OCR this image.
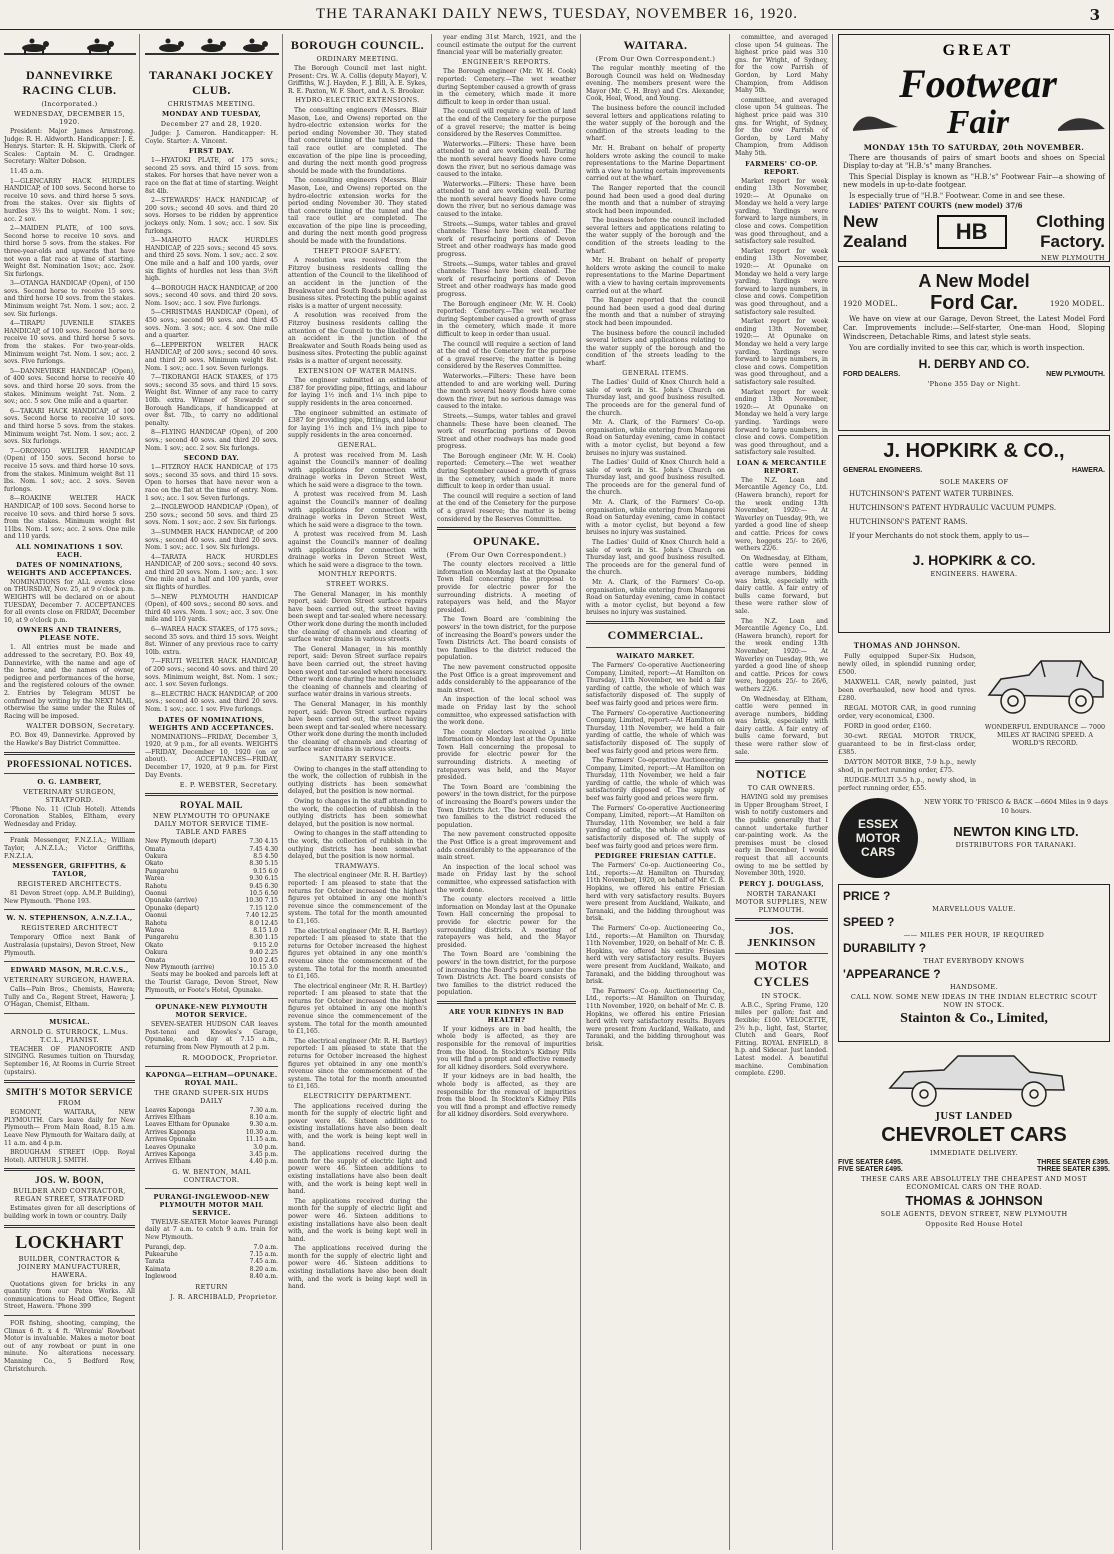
THE TARANAKI DAILY NEWS, TUESDAY, NOVEMBER 16, 1920.	3
DANNEVIRKE RACING CLUB.
(Incorporated.)
WEDNESDAY, DECEMBER 15, 1920.

President: Major James Armstrong. Judge: R. H. Aldworth. Handicapper: J. E. Henrys. Starter: R. H. Skipwith. Clerk of Scales: Captain M. C. Gradnger. Secretary: Walter Dobson.

11.45 a.m.

1—GLENCARRY HACK HURDLES HANDICAP, of 100 sovs. Second horse to receive 10 sovs. and third horse 5 sovs. from the stakes. Over six flights of hurdles 3½ lbs to weight. Nom. 1 sov.; acc. 2 sov.

2—MAIDEN PLATE, of 100 sovs. Second horse to receive 10 sovs. and third horse 5 sovs. from the stakes. For three-year-olds and upwards that have not won a flat race at time of starting. Weight 8st. Nomination 1sov.; acc. 2sov. Six furlongs.

3—OTANGA HANDICAP (Open), of 150 sovs. Second horse to receive 15 sovs. and third horse 10 sovs. from the stakes. Minimum weight 7st. Nom. 1 sov.; acc. 2 sov. Six furlongs.

4—TIRAPU JUVENILE STAKES HANDICAP, of 100 sovs. Second horse to receive 10 sovs. and third horse 5 sovs. from the stakes. For two-year-olds. Minimum weight 7st. Nom. 1 sov.; acc. 2 sovs. Five furlongs.

5—DANNEVIRKE HANDICAP (Open), of 400 sovs. Second horse to receive 40 sovs. and third horse 20 sovs. from the stakes. Minimum weight 7st. Nom. 2 sov.; acc. 5 sov. One mile and a quarter.

6—TAKARI HACK HANDICAP, of 100 sovs. Second horse to receive 10 sovs. and third horse 5 sovs. from the stakes. Minimum weight 7st. Nom. 1 sov.; acc. 2 sovs. Six furlongs.

7—ORONGO WELTER HANDICAP (Open) of 150 sovs. Second horse to receive 15 sovs. and third horse 10 sovs. from the stakes. Minimum weight 8st 11 lbs. Nom. 1 sov.; acc. 2 sovs. Seven furlongs.

8—ROAKINE WELTER HACK HANDICAP, of 100 sovs. Second horse to receive 10 sovs. and third horse 5 sovs. from the stakes. Minimum weight 8st 11lbs. Nom. 1 sov.; acc. 2 sovs. One mile and 110 yards.

ALL NOMINATIONS 1 SOV. EACH.
DATES OF NOMINATIONS, WEIGHTS AND ACCEPTANCES.

NOMINATIONS for ALL events close on THURSDAY, Nov. 25, at 9 o'clock p.m. WEIGHTS will be declared on or about TUESDAY, December 7. ACCEPTANCES for all events close on FRIDAY, December 10, at 9 o'clock p.m.

OWNERS AND TRAINERS, PLEASE NOTE.

1. All entries must be made and addressed to the secretary, P.O. Box 49, Dannevirke, with the name and age of the horse, and the names of owner, pedigree and performances of the horse, and the registered colours of the owner. 2. Entries by Telegram MUST be confirmed by writing by the NEXT MAIL, otherwise the same under the Rules of Racing will be imposed.

WALTER DOBSON, Secretary.

P.O. Box 49, Dannevirke. Approved by the Hawke's Bay District Committee.

PROFESSIONAL NOTICES.
O. G. LAMBERT,
VETERINARY SURGEON, STRATFORD.

'Phone No. 11 (Club Hotel). Attends Coronation Stables, Eltham, every Wednesday and Friday.

Frank Messenger, F.N.Z.I.A.; William Taylor, A.N.Z.I.A.; Victor Griffiths, F.N.Z.I.A.

MESSENGER, GRIFFITHS, & TAYLOR,
REGISTERED ARCHITECTS.

81 Devon Street (opp. A.M.P. Building), New Plymouth. 'Phone 193.

W. N. STEPHENSON, A.N.Z.I.A.,
REGISTERED ARCHITECT

Temporary Office next Bank of Australasia (upstairs), Devon Street, New Plymouth.

EDWARD MASON, M.R.C.V.S.,
VETERINARY SURGEON, HAWERA.

Calls—Pain Bros., Chemists, Hawera; Tully and Co., Regent Street, Hawera; J. O'Hagan, Chemist, Eltham.

MUSICAL.
ARNOLD G. STURROCK, L.Mus. T.C.L., PIANIST.

TEACHER OF PIANOFORTE AND SINGING. Resumes tuition on Thursday, September 16, At Rooms in Currie Street (upstairs).

SMITH'S MOTOR SERVICE
FROM

EGMONT, WAITARA, NEW PLYMOUTH. Cars leave daily for New Plymouth— From Main Road, 8.15 a.m. Leave New Plymouth for Waitara daily, at 11 a.m. and 4 p.m.

BROUGHAM STREET (Opp. Royal Hotel). ARTHUR J. SMITH.

JOS. W. BOON,
BUILDER AND CONTRACTOR, REGAN STREET, STRATFORD

Estimates given for all descriptions of building work in town or country. Daily

LOCKHART
BUILDER, CONTRACTOR & JOINERY MANUFACTURER, HAWERA.

Quotations given for bricks in any quantity from our Patea Works. All communications to Head Office, Regent Street, Hawera. 'Phone 399

FOR fishing, shooting, camping, the Climax 6 ft. x 4 ft. 'Wiremia' Rowboat Motor is invaluable. Makes a motor boat out of any rowboat or punt in one minute. No alterations necessary. Manning Co., 5 Bedford Row, Christchurch.

TARANAKI JOCKEY CLUB.
CHRISTMAS MEETING.
MONDAY AND TUESDAY,
December 27 and 28, 1920.

Judge: J. Cameron. Handicapper: H. Coyle. Starter: A. Vincent.

FIRST DAY.

1—HYATOKI PLATE, of 175 sovs.; second 25 sovs. and third 15 sovs. from stakes. For horses that have never won a race on the flat at time of starting. Weight 8st 4lb.

2—STEWARDS' HACK HANDICAP, of 200 sovs.; second 40 sovs. and third 20 sovs. Horses to be ridden by apprentice jockeys only. Nom. 1 sov.; acc. 1 sov. Six furlongs.

3—MAHOTO HACK HURDLES HANDICAP, of 225 sovs.; second 45 sovs. and third 25 sovs. Nom. 1 sov.; acc. 2 sov. One mile and a half and 100 yards, over six flights of hurdles not less than 3½ft high.

4—BOROUGH HACK HANDICAP, of 200 sovs.; second 40 sovs. and third 20 sovs. Nom. 1sov.; acc. 1 sov. Five furlongs.

5—CHRISTMAS HANDICAP (Open), of 450 sovs.; second 90 sovs. and third 45 sovs. Nom. 3 sov.; acc. 4 sov. One mile and a quarter.

6—LEPPERTON WELTER HACK HANDICAP, of 200 sovs.; second 40 sovs. and third 20 sovs. Minimum weight 8st. Nom. 1 sov.; acc. 1 sov. Seven furlongs.

7—TIKORANGI HACK STAKES, of 175 sovs.; second 35 sovs. and third 15 sovs. Weight 8st. Winner of any race to carry 10lb. extra. Winner of Stewards' or Borough Handicaps, if handicapped at over 8st. 7lb., to carry no additional penalty.

8—FLYING HANDICAP (Open), of 200 sovs.; second 40 sovs. and third 20 sovs. Nom. 1 sov.; acc. 2 sov. Six furlongs.

SECOND DAY.

1—FITZROY HACK HANDICAP, of 175 sovs.; second 35 sovs. and third 15 sovs. Open to horses that have never won a race on the flat at the time of entry. Nom. 1 sov.; acc. 1 sov. Seven furlongs.

2—INGLEWOOD HANDICAP (Open), of 250 sovs.; second 50 sovs. and third 25 sovs. Nom. 1 sov.; acc. 2 sov. Six furlongs.

3—SUMMER HACK HANDICAP, of 200 sovs.; second 40 sovs. and third 20 sovs. Nom. 1 sov.; acc. 1 sov. Six furlongs.

4—TARATA HACK HURDLES HANDICAP, of 200 sovs.; second 40 sovs. and third 20 sovs. Nom. 1 sov.; acc. 1 sov. One mile and a half and 100 yards, over six flights of hurdles.

5—NEW PLYMOUTH HANDICAP (Open), of 400 sovs.; second 80 sovs. and third 40 sovs. Nom. 1 sov.; acc. 3 sov. One mile and 110 yards.

6—WAREA HACK STAKES, of 175 sovs.; second 35 sovs. and third 15 sovs. Weight 8st. Winner of any previous race to carry 10lb. extra.

7—FRUTI WELTER HACK HANDICAP, of 200 sovs.; second 40 sovs. and third 20 sovs. Minimum weight, 8st. Nom. 1 sov.; acc. 1 sov. Seven furlongs.

8—ELECTRIC HACK HANDICAP, of 200 sovs.; second 40 sovs. and third 20 sovs. Nom. 1 sov.; acc. 1 sov. Five furlongs.

DATES OF NOMINATIONS, WEIGHTS AND ACCEPTANCES.

NOMINATIONS—FRIDAY, December 3, 1920, at 9 p.m., for all events. WEIGHTS—FRIDAY, December 10, 1920 (on or about). ACCEPTANCES—FRIDAY, December 17, 1920, at 9 p.m. for First Day Events.

E. P. WEBSTER, Secretary.
ROYAL MAIL
NEW PLYMOUTH TO OPUNAKE DAILY MOTOR SERVICE TIME-TABLE AND FARES
New Plymouth (depart)	7.30 4.15
Omata	7.45 4.30
Oakura	8.5 4.50
Okato	8.30 5.15
Pungarehu	9.15 6.0
Warea	9.30 6.15
Rahotu	9.45 6.30
Oaonui	10.5 6.50
Opunake (arrive)	10.30 7.15
Opunake (depart)	7.15 12.0
Oaonui	7.40 12.25
Rahotu	8.0 12.45
Warea	8.15 1.0
Pungarehu	8.30 1.15
Okato	9.15 2.0
Oakura	9.40 2.25
Omata	10.0 2.45
New Plymouth (arrive)	10.15 3.0

Seats may be booked and parcels left at the Tourist Garage, Devon Street, New Plymouth, or Foote's Hotel, Opunake.

OPUNAKE-NEW PLYMOUTH MOTOR SERVICE.

SEVEN-SEATER HUDSON CAR leaves Post-tenoi and Knowles's Garage, Opunake, each day at 7.15 a.m., returning from New Plymouth at 2 p.m.

R. MOODOCK, Proprietor.
KAPONGA—ELTHAM—OPUNAKE. ROYAL MAIL.
THE GRAND SUPER-SIX HUDS DAILY
Leaves Kaponga	7.30 a.m.
Arrives Eltham	8.10 a.m.
Leaves Eltham for Opunake	9.30 a.m.
Arrives Kaponga	10.30 a.m.
Arrives Opunake	11.15 a.m.
Leaves Opunake	3.0 p.m.
Arrives Kaponga	3.45 p.m.
Arrives Eltham	4.40 p.m.
G. W. BENTON, MAIL CONTRACTOR.
PURANGI-INGLEWOOD-NEW PLYMOUTH MOTOR MAIL SERVICE.

TWELVE-SEATER Motor leaves Purangi daily at 7 a.m. to catch 9 a.m. train for New Plymouth.

Purangi, dep.	7.0 a.m.
Pukearuhe	7.15 a.m.
Tarata	7.45 a.m.
Kaimata	8.20 a.m.
Inglewood	8.40 a.m.
RETURN
J. R. ARCHIBALD, Proprietor.
BOROUGH COUNCIL.
ORDINARY MEETING.

The Borough Council met last night. Present: Crs. W. A. Collis (deputy Mayor), V. Griffiths, W. J. Hayden, F. J. Bill, A. E. Sykes, R. E. Paxton, W. F. Short, and A. S. Brooker.

HYDRO-ELECTRIC EXTENSIONS.

The consulting engineers (Messrs. Blair Mason, Lee, and Owens) reported on the hydro-electric extension works for the period ending November 30. They stated that concrete lining of the tunnel and the tail race outlet are completed. The excavation of the pipe line is proceeding, and during the next month good progress should be made with the foundations.

The consulting engineers (Messrs. Blair Mason, Lee, and Owens) reported on the hydro-electric extension works for the period ending November 30. They stated that concrete lining of the tunnel and the tail race outlet are completed. The excavation of the pipe line is proceeding, and during the next month good progress should be made with the foundations.

THEFT PROOF SAFETY.

A resolution was received from the Fitzroy business residents calling the attention of the Council to the likelihood of an accident in the junction of the Breakwater and South Roads being used as business sites. Protecting the public against risks is a matter of urgent necessity.

A resolution was received from the Fitzroy business residents calling the attention of the Council to the likelihood of an accident in the junction of the Breakwater and South Roads being used as business sites. Protecting the public against risks is a matter of urgent necessity.

EXTENSION OF WATER MAINS.

The engineer submitted an estimate of £387 for providing pipe, fittings, and labour for laying 1½ inch and 1¼ inch pipe to supply residents in the area concerned.

The engineer submitted an estimate of £387 for providing pipe, fittings, and labour for laying 1½ inch and 1¼ inch pipe to supply residents in the area concerned.

GENERAL.

A protest was received from M. Lash against the Council's manner of dealing with applications for connection with drainage works in Devon Street West, which he said were a disgrace to the town.

A protest was received from M. Lash against the Council's manner of dealing with applications for connection with drainage works in Devon Street West, which he said were a disgrace to the town.

A protest was received from M. Lash against the Council's manner of dealing with applications for connection with drainage works in Devon Street West, which he said were a disgrace to the town.

MONTHLY REPORTS.
STREET WORKS.

The General Manager, in his monthly report, said: Devon Street surface repairs have been carried out, the street having been swept and tar-sealed where necessary. Other work done during the month included the cleaning of channels and clearing of surface water drains in various streets.

The General Manager, in his monthly report, said: Devon Street surface repairs have been carried out, the street having been swept and tar-sealed where necessary. Other work done during the month included the cleaning of channels and clearing of surface water drains in various streets.

The General Manager, in his monthly report, said: Devon Street surface repairs have been carried out, the street having been swept and tar-sealed where necessary. Other work done during the month included the cleaning of channels and clearing of surface water drains in various streets.

SANITARY SERVICE.

Owing to changes in the staff attending to the work, the collection of rubbish in the outlying districts has been somewhat delayed, but the position is now normal.

Owing to changes in the staff attending to the work, the collection of rubbish in the outlying districts has been somewhat delayed, but the position is now normal.

Owing to changes in the staff attending to the work, the collection of rubbish in the outlying districts has been somewhat delayed, but the position is now normal.

TRAMWAYS.

The electrical engineer (Mr. R. H. Bartley) reported: I am pleased to state that the returns for October increased the highest figures yet obtained in any one month's revenue since the commencement of the system. The total for the month amounted to £1,165.

The electrical engineer (Mr. R. H. Bartley) reported: I am pleased to state that the returns for October increased the highest figures yet obtained in any one month's revenue since the commencement of the system. The total for the month amounted to £1,165.

The electrical engineer (Mr. R. H. Bartley) reported: I am pleased to state that the returns for October increased the highest figures yet obtained in any one month's revenue since the commencement of the system. The total for the month amounted to £1,165.

The electrical engineer (Mr. R. H. Bartley) reported: I am pleased to state that the returns for October increased the highest figures yet obtained in any one month's revenue since the commencement of the system. The total for the month amounted to £1,165.

ELECTRICITY DEPARTMENT.

The applications received during the month for the supply of electric light and power were 46. Sixteen additions to existing installations have also been dealt with, and the work is being kept well in hand.

The applications received during the month for the supply of electric light and power were 46. Sixteen additions to existing installations have also been dealt with, and the work is being kept well in hand.

The applications received during the month for the supply of electric light and power were 46. Sixteen additions to existing installations have also been dealt with, and the work is being kept well in hand.

The applications received during the month for the supply of electric light and power were 46. Sixteen additions to existing installations have also been dealt with, and the work is being kept well in hand.

year ending 31st March, 1921, and the council estimate the output for the current financial year will be materially greater.

ENGINEER'S REPORTS.

The Borough engineer (Mr. W. H. Cook) reported: Cemetery.—The wet weather during September caused a growth of grass in the cemetery, which made it more difficult to keep in order than usual.

The council will require a section of land at the end of the Cemetery for the purpose of a gravel reserve; the matter is being considered by the Reserves Committee.

Waterworks.—Filters: These have been attended to and are working well. During the month several heavy floods have come down the river, but no serious damage was caused to the intake.

Waterworks.—Filters: These have been attended to and are working well. During the month several heavy floods have come down the river, but no serious damage was caused to the intake.

Streets.—Sumps, water tables and gravel channels: These have been cleaned. The work of resurfacing portions of Devon Street and other roadways has made good progress.

Streets.—Sumps, water tables and gravel channels: These have been cleaned. The work of resurfacing portions of Devon Street and other roadways has made good progress.

The Borough engineer (Mr. W. H. Cook) reported: Cemetery.—The wet weather during September caused a growth of grass in the cemetery, which made it more difficult to keep in order than usual.

The council will require a section of land at the end of the Cemetery for the purpose of a gravel reserve; the matter is being considered by the Reserves Committee.

Waterworks.—Filters: These have been attended to and are working well. During the month several heavy floods have come down the river, but no serious damage was caused to the intake.

Streets.—Sumps, water tables and gravel channels: These have been cleaned. The work of resurfacing portions of Devon Street and other roadways has made good progress.

The Borough engineer (Mr. W. H. Cook) reported: Cemetery.—The wet weather during September caused a growth of grass in the cemetery, which made it more difficult to keep in order than usual.

The council will require a section of land at the end of the Cemetery for the purpose of a gravel reserve; the matter is being considered by the Reserves Committee.

OPUNAKE.
(From Our Own Correspondent.)

The county electors received a little information on Monday last at the Opunake Town Hall concerning the proposal to provide for electric power for the surrounding districts. A meeting of ratepayers was held, and the Mayor presided.

The Town Board are 'combining the powers' in the town district, for the purpose of increasing the Board's powers under the Town Districts Act. The board consists of two families to the district reduced the population.

The new pavement constructed opposite the Post Office is a great improvement and adds considerably to the appearance of the main street.

An inspection of the local school was made on Friday last by the school committee, who expressed satisfaction with the work done.

The county electors received a little information on Monday last at the Opunake Town Hall concerning the proposal to provide for electric power for the surrounding districts. A meeting of ratepayers was held, and the Mayor presided.

The Town Board are 'combining the powers' in the town district, for the purpose of increasing the Board's powers under the Town Districts Act. The board consists of two families to the district reduced the population.

The new pavement constructed opposite the Post Office is a great improvement and adds considerably to the appearance of the main street.

An inspection of the local school was made on Friday last by the school committee, who expressed satisfaction with the work done.

The county electors received a little information on Monday last at the Opunake Town Hall concerning the proposal to provide for electric power for the surrounding districts. A meeting of ratepayers was held, and the Mayor presided.

The Town Board are 'combining the powers' in the town district, for the purpose of increasing the Board's powers under the Town Districts Act. The board consists of two families to the district reduced the population.

ARE YOUR KIDNEYS IN BAD HEALTH?

If your kidneys are in bad health, the whole body is affected, as they are responsible for the removal of impurities from the blood. In Stockton's Kidney Pills you will find a prompt and effective remedy for all kidney disorders. Sold everywhere.

If your kidneys are in bad health, the whole body is affected, as they are responsible for the removal of impurities from the blood. In Stockton's Kidney Pills you will find a prompt and effective remedy for all kidney disorders. Sold everywhere.

WAITARA.
(From Our Own Correspondent.)

The regular monthly meeting of the Borough Council was held on Wednesday evening. The members present were the Mayor (Mr. C. H. Bray) and Crs. Alexander, Cook, Heal, Wood, and Young.

The business before the council included several letters and applications relating to the water supply of the borough and the condition of the streets leading to the wharf.

Mr. H. Brabant on behalf of property holders wrote asking the council to make representations to the Marine Department with a view to having certain improvements carried out at the wharf.

The Ranger reported that the council pound had been used a good deal during the month and that a number of straying stock had been impounded.

The business before the council included several letters and applications relating to the water supply of the borough and the condition of the streets leading to the wharf.

Mr. H. Brabant on behalf of property holders wrote asking the council to make representations to the Marine Department with a view to having certain improvements carried out at the wharf.

The Ranger reported that the council pound had been used a good deal during the month and that a number of straying stock had been impounded.

The business before the council included several letters and applications relating to the water supply of the borough and the condition of the streets leading to the wharf.

GENERAL ITEMS.

The Ladies' Guild of Knox Church held a sale of work in St. John's Church on Thursday last, and good business resulted. The proceeds are for the general fund of the church.

Mr. A. Clark, of the Farmers' Co-op. organisation, while entering from Mangorei Road on Saturday evening, came in contact with a motor cyclist, but beyond a few bruises no injury was sustained.

The Ladies' Guild of Knox Church held a sale of work in St. John's Church on Thursday last, and good business resulted. The proceeds are for the general fund of the church.

Mr. A. Clark, of the Farmers' Co-op. organisation, while entering from Mangorei Road on Saturday evening, came in contact with a motor cyclist, but beyond a few bruises no injury was sustained.

The Ladies' Guild of Knox Church held a sale of work in St. John's Church on Thursday last, and good business resulted. The proceeds are for the general fund of the church.

Mr. A. Clark, of the Farmers' Co-op. organisation, while entering from Mangorei Road on Saturday evening, came in contact with a motor cyclist, but beyond a few bruises no injury was sustained.

COMMERCIAL.
WAIKATO MARKET.

The Farmers' Co-operative Auctioneering Company, Limited, report:—At Hamilton on Thursday, 11th November, we held a fair yarding of cattle, the whole of which was satisfactorily disposed of. The supply of beef was fairly good and prices were firm.

The Farmers' Co-operative Auctioneering Company, Limited, report:—At Hamilton on Thursday, 11th November, we held a fair yarding of cattle, the whole of which was satisfactorily disposed of. The supply of beef was fairly good and prices were firm.

The Farmers' Co-operative Auctioneering Company, Limited, report:—At Hamilton on Thursday, 11th November, we held a fair yarding of cattle, the whole of which was satisfactorily disposed of. The supply of beef was fairly good and prices were firm.

The Farmers' Co-operative Auctioneering Company, Limited, report:—At Hamilton on Thursday, 11th November, we held a fair yarding of cattle, the whole of which was satisfactorily disposed of. The supply of beef was fairly good and prices were firm.

PEDIGREE FRIESIAN CATTLE.

The Farmers' Co-op. Auctioneering Co., Ltd., reports:—At Hamilton on Thursday, 11th November, 1920, on behalf of Mr. C. B. Hopkins, we offered his entire Friesian herd with very satisfactory results. Buyers were present from Auckland, Waikato, and Taranaki, and the bidding throughout was brisk.

The Farmers' Co-op. Auctioneering Co., Ltd., reports:—At Hamilton on Thursday, 11th November, 1920, on behalf of Mr. C. B. Hopkins, we offered his entire Friesian herd with very satisfactory results. Buyers were present from Auckland, Waikato, and Taranaki, and the bidding throughout was brisk.

The Farmers' Co-op. Auctioneering Co., Ltd., reports:—At Hamilton on Thursday, 11th November, 1920, on behalf of Mr. C. B. Hopkins, we offered his entire Friesian herd with very satisfactory results. Buyers were present from Auckland, Waikato, and Taranaki, and the bidding throughout was brisk.

committee, and averaged close upon 54 guineas. The highest price paid was 310 gns. for Wright, of Sydney, for the cow Parrish of Gordon, by Lord Mahy Champion, from Addison Mahy 5th.

committee, and averaged close upon 54 guineas. The highest price paid was 310 gns. for Wright, of Sydney, for the cow Parrish of Gordon, by Lord Mahy Champion, from Addison Mahy 5th.

FARMERS' CO-OP. REPORT.

Market report for week ending 13th November, 1920:— At Opunake on Monday we held a very large yarding. Yardings were forward to large numbers, in close and cows. Competition was good throughout, and a satisfactory sale resulted.

Market report for week ending 13th November, 1920:— At Opunake on Monday we held a very large yarding. Yardings were forward to large numbers, in close and cows. Competition was good throughout, and a satisfactory sale resulted.

Market report for week ending 13th November, 1920:— At Opunake on Monday we held a very large yarding. Yardings were forward to large numbers, in close and cows. Competition was good throughout, and a satisfactory sale resulted.

Market report for week ending 13th November, 1920:— At Opunake on Monday we held a very large yarding. Yardings were forward to large numbers, in close and cows. Competition was good throughout, and a satisfactory sale resulted.

LOAN & MERCANTILE REPORT.

The N.Z. Loan and Mercantile Agency Co., Ltd. (Hawera branch), report for the week ending 13th November, 1920:— At Waverley on Tuesday, 9th, we yarded a good line of sheep and cattle. Prices for cows were, hoggets 25/- to 26/6, wethers 22/6.

On Wednesday, at Eltham, cattle were penned in average numbers, bidding was brisk, especially with dairy cattle. A fair entry of bulls came forward, but these were rather slow of sale.

The N.Z. Loan and Mercantile Agency Co., Ltd. (Hawera branch), report for the week ending 13th November, 1920:— At Waverley on Tuesday, 9th, we yarded a good line of sheep and cattle. Prices for cows were, hoggets 25/- to 26/6, wethers 22/6.

On Wednesday, at Eltham, cattle were penned in average numbers, bidding was brisk, especially with dairy cattle. A fair entry of bulls came forward, but these were rather slow of sale.

NOTICE
TO CAR OWNERS.

HAVING sold my premises in Upper Brougham Street, I wish to notify customers and the public generally that I cannot undertake further car-painting work. As the premises must be closed early in December, I would request that all accounts owing to me be settled by November 30th, 1920.

PERCY J. DOUGLASS,
NORTH TARANAKI MOTOR SUPPLIES, NEW PLYMOUTH.
JOS. JENKINSON
MOTOR CYCLES
IN STOCK.

A.B.C., Spring Frame, 120 miles per gallon; fast and flexible; £100. VELOCETTE, 2½ h.p., light, fast, Starter, Clutch and Gears, Roof Fitting. ROYAL ENFIELD, 8 h.p. and Sidecar. Just landed. Latest model. A beautiful machine. Combination complete. £290.

GREAT
Footwear
Fair
MONDAY 15th TO SATURDAY, 20th NOVEMBER.

There are thousands of pairs of smart boots and shoes on Special Display to-day at "H.B.'s" many Branches.

This Special Display is known as "H.B.'s" Footwear Fair—a showing of new models in up-to-date footgear.

Is especially true of "H.B." Footwear. Come in and see these.

LADIES' PATENT COURTS (new model) 37/6

New
Zealand	HB	Clothing
Factory.
NEW PLYMOUTH
A New Model
1920 MODEL. Ford Car.	1920 MODEL.

We have on view at our Garage, Devon Street, the Latest Model Ford Car. Improvements include:—Self-starter, One-man Hood, Sloping Windscreen, Detachable Rims, and latest style seats.

You are cordially invited to see this car, which is worth inspection.

H. DERBY AND CO.
FORD DEALERS.	NEW PLYMOUTH.
'Phone 355 Day or Night.
J. HOPKIRK & CO.,
GENERAL ENGINEERS.	HAWERA.
SOLE MAKERS OF

HUTCHINSON'S PATENT WATER TURBINES.

HUTCHINSON'S PATENT HYDRAULIC VACUUM PUMPS.

HUTCHINSON'S PATENT RAMS.

If your Merchants do not stock them, apply to us—

J. HOPKIRK & CO.
ENGINEERS. HAWERA.
THOMAS AND JOHNSON.

Fully equipped Super-Six Hudson, newly oiled, in splendid running order, £500.

MAXWELL CAR, newly painted, just been overhauled, new hood and tyres. £280.

REGAL MOTOR CAR, in good running order, very economical, £300.

FORD in good order, £160.

30-cwt. REGAL MOTOR TRUCK, guaranteed to be in first-class order, £385.

DAYTON MOTOR BIKE, 7-9 h.p., newly shod, in perfect running order, £75.

RUDGE-MULTI 3-5 h.p., newly shod, in perfect running order, £55.

WONDERFUL ENDURANCE — 7000 MILES AT RACING SPEED. A WORLD'S RECORD.

ESSEX MOTOR CARS

NEW YORK TO 'FRISCO & BACK —6604 Miles in 9 days 10 hours.

NEWTON KING LTD.
DISTRIBUTORS FOR TARANAKI.
PRICE ?
MARVELLOUS VALUE.
SPEED ?
—— MILES PER HOUR, IF REQUIRED
DURABILITY ?
THAT EVERYBODY KNOWS
'APPEARANCE ?
HANDSOME.
CALL NOW. SOME NEW IDEAS IN THE INDIAN ELECTRIC SCOUT NOW IN STOCK.
Stainton & Co., Limited,
JUST LANDED
CHEVROLET CARS
IMMEDIATE DELIVERY.
FIVE SEATER £495.	THREE SEATER £395.
FIVE SEATER £495.	THREE SEATER £395.
THESE CARS ARE ABSOLUTELY THE CHEAPEST AND MOST ECONOMICAL CARS ON THE ROAD.
THOMAS & JOHNSON
SOLE AGENTS, DEVON STREET, NEW PLYMOUTH
Opposite Red House Hotel
